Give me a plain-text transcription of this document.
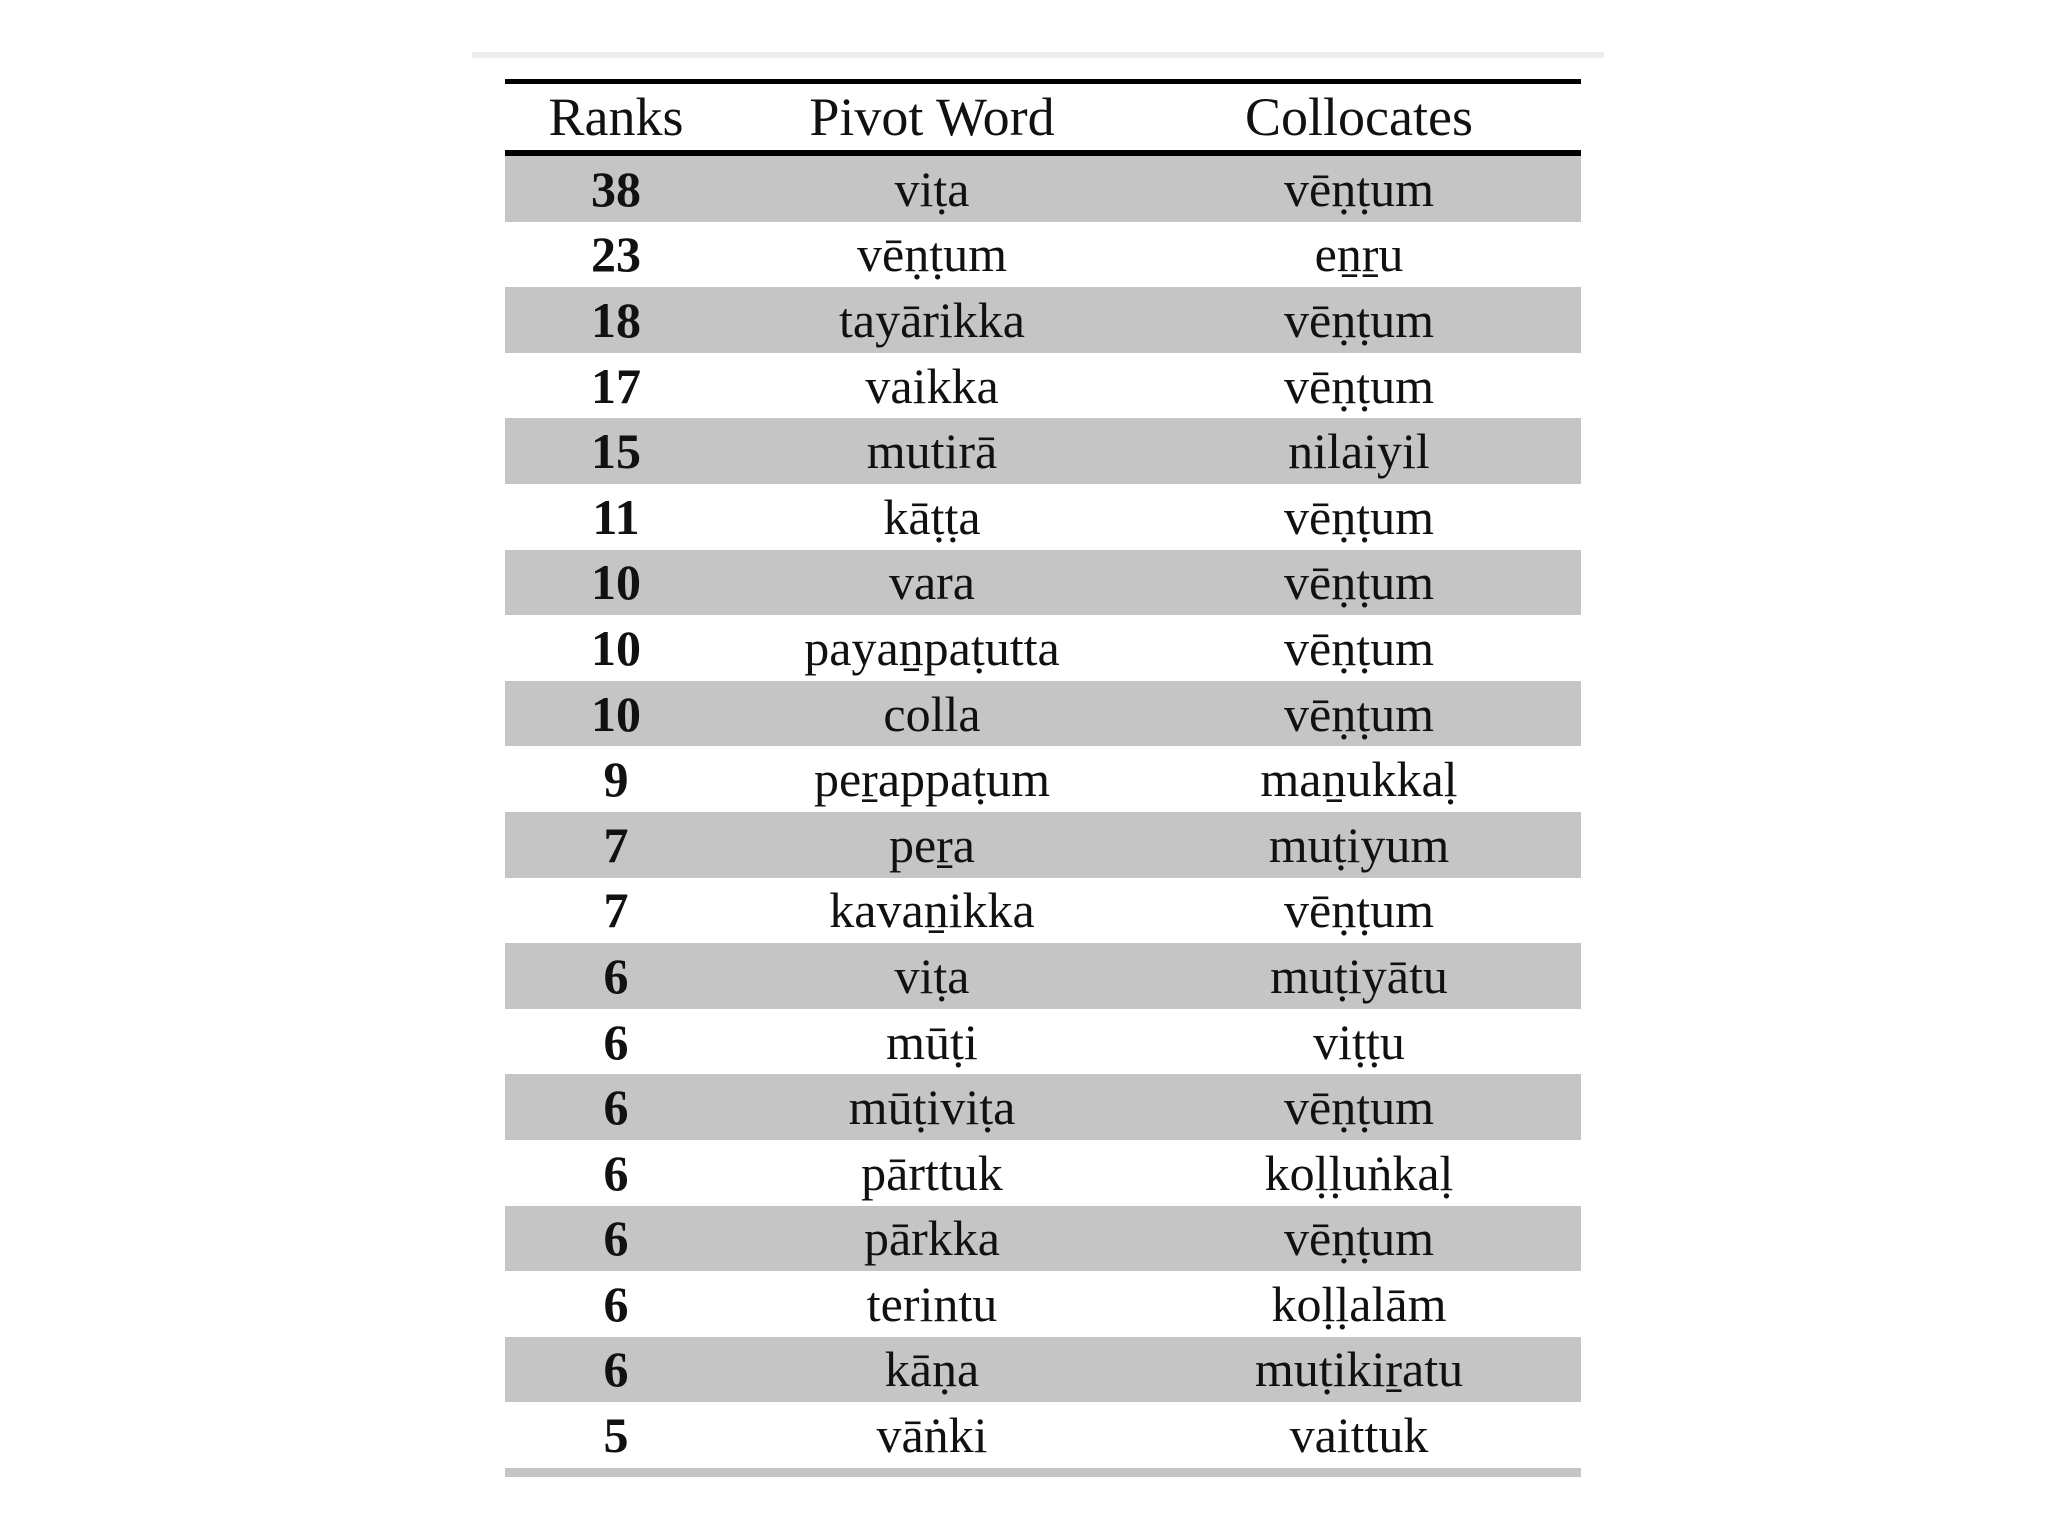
Ranks	Pivot Word	Collocates
38	viṭa	vēṇṭum
23	vēṇṭum	eṉṟu
18	tayārikka	vēṇṭum
17	vaikka	vēṇṭum
15	mutirā	nilaiyil
11	kāṭṭa	vēṇṭum
10	vara	vēṇṭum
10	payaṉpaṭutta	vēṇṭum
10	colla	vēṇṭum
9	peṟappaṭum	maṉukkaḷ
7	peṟa	muṭiyum
7	kavaṉikka	vēṇṭum
6	viṭa	muṭiyātu
6	mūṭi	viṭṭu
6	mūṭiviṭa	vēṇṭum
6	pārttuk	koḷḷuṅkaḷ
6	pārkka	vēṇṭum
6	terintu	koḷḷalām
6	kāṇa	muṭikiṟatu
5	vāṅki	vaittuk
